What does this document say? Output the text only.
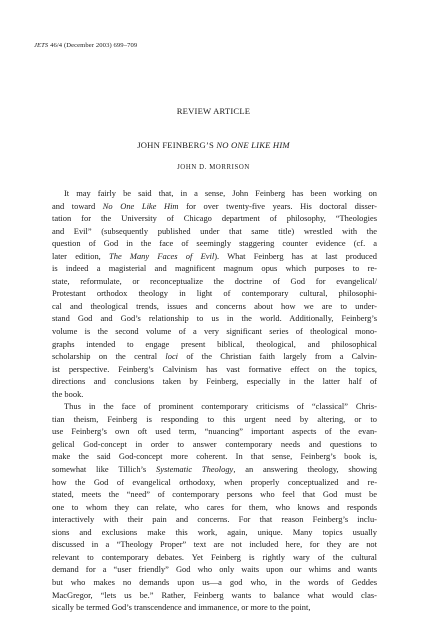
JETS 46/4 (December 2003) 699–709
REVIEW ARTICLE
JOHN FEINBERG’S NO ONE LIKE HIM
JOHN D. MORRISON
It may fairly be said that, in a sense, John Feinberg has been working on
and toward No One Like Him for over twenty-five years. His doctoral disser-
tation for the University of Chicago department of philosophy, “Theologies
and Evil” (subsequently published under that same title) wrestled with the
question of God in the face of seemingly staggering counter evidence (cf. a
later edition, The Many Faces of Evil). What Feinberg has at last produced
is indeed a magisterial and magnificent magnum opus which purposes to re-
state, reformulate, or reconceptualize the doctrine of God for evangelical/
Protestant orthodox theology in light of contemporary cultural, philosophi-
cal and theological trends, issues and concerns about how we are to under-
stand God and God’s relationship to us in the world. Additionally, Feinberg’s
volume is the second volume of a very significant series of theological mono-
graphs intended to engage present biblical, theological, and philosophical
scholarship on the central loci of the Christian faith largely from a Calvin-
ist perspective. Feinberg’s Calvinism has vast formative effect on the topics,
directions and conclusions taken by Feinberg, especially in the latter half of
the book.
Thus in the face of prominent contemporary criticisms of “classical” Chris-
tian theism, Feinberg is responding to this urgent need by altering, or to
use Feinberg’s own oft used term, “nuancing” important aspects of the evan-
gelical God-concept in order to answer contemporary needs and questions to
make the said God-concept more coherent. In that sense, Feinberg’s book is,
somewhat like Tillich’s Systematic Theology, an answering theology, showing
how the God of evangelical orthodoxy, when properly conceptualized and re-
stated, meets the “need” of contemporary persons who feel that God must be
one to whom they can relate, who cares for them, who knows and responds
interactively with their pain and concerns. For that reason Feinberg’s inclu-
sions and exclusions make this work, again, unique. Many topics usually
discussed in a “Theology Proper” text are not included here, for they are not
relevant to contemporary debates. Yet Feinberg is rightly wary of the cultural
demand for a “user friendly” God who only waits upon our whims and wants
but who makes no demands upon us—a god who, in the words of Geddes
MacGregor, “lets us be.” Rather, Feinberg wants to balance what would clas-
sically be termed God’s transcendence and immanence, or more to the point,
